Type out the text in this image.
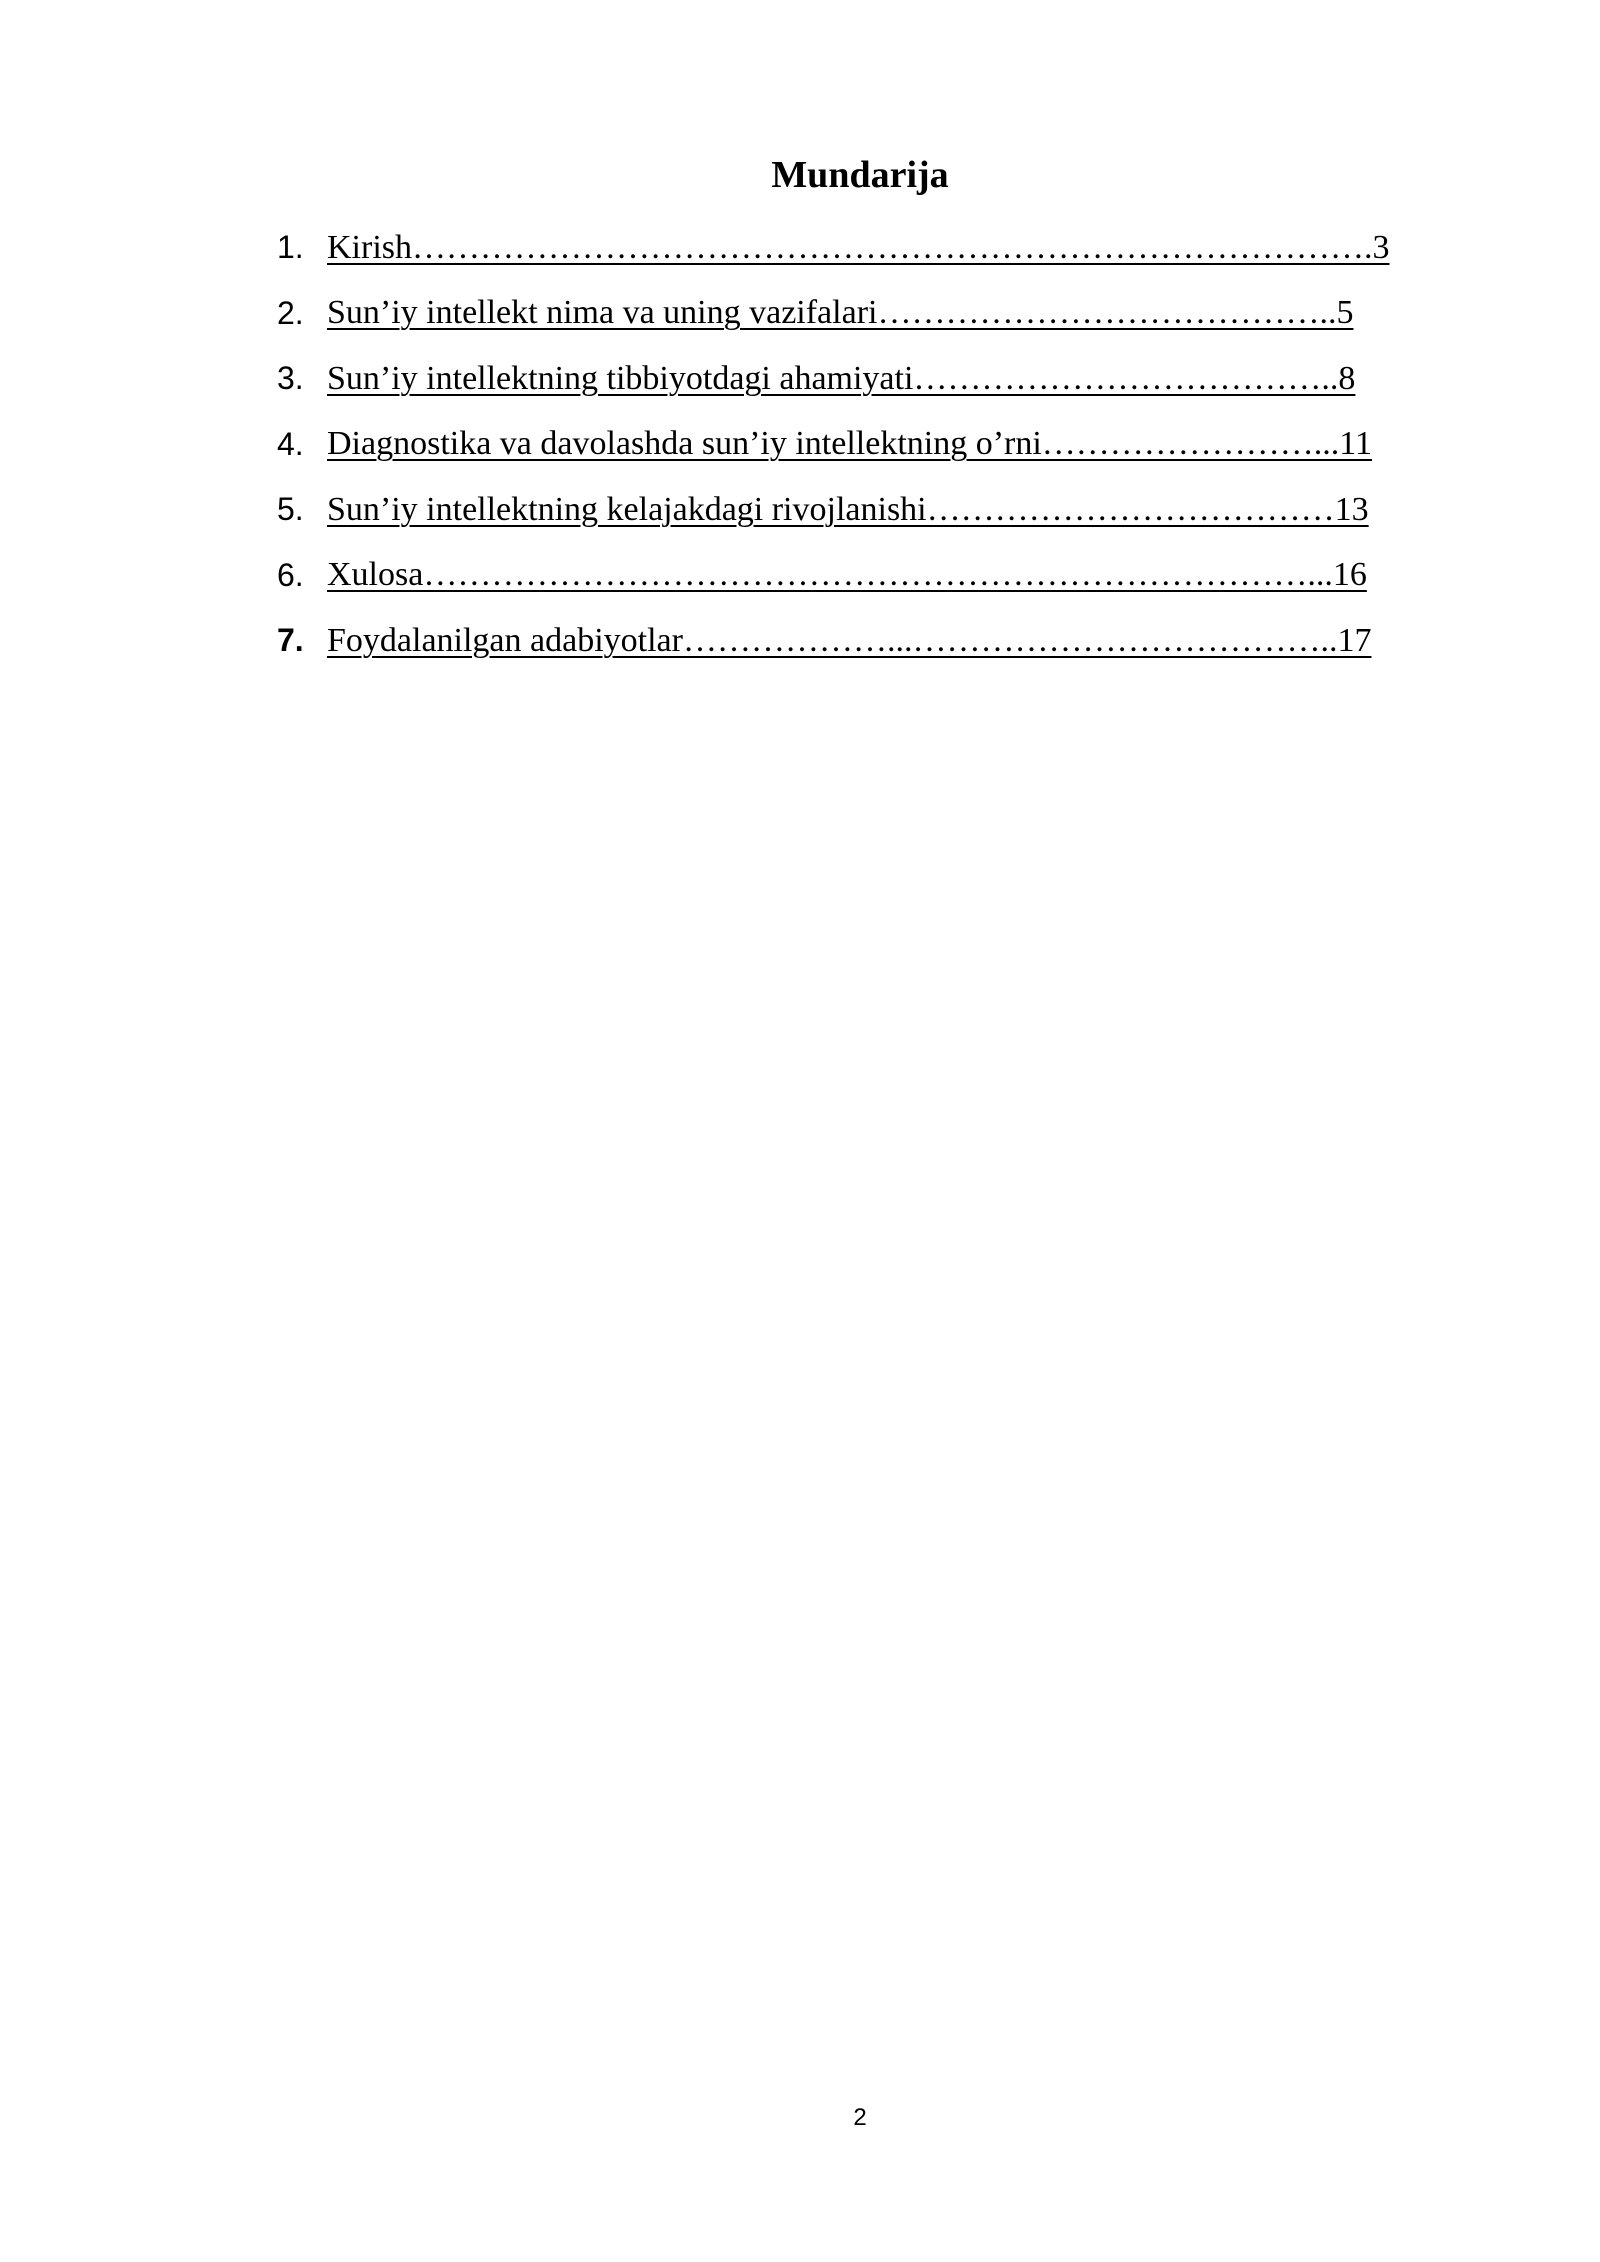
Mundarija
1. Kirish………………………………………………………………………….3
2. Sun’iy intellekt nima va uning vazifalari…………………………………..5
3. Sun’iy intellektning tibbiyotdagi ahamiyati………………………………..8
4. Diagnostika va davolashda sun’iy intellektning o’rni……………………...11
5. Sun’iy intellektning kelajakdagi rivojlanishi………………………………13
6. Xulosa……………………………………………………………………...16
7. Foydalanilgan adabiyotlar………………...………………………………..17
2
